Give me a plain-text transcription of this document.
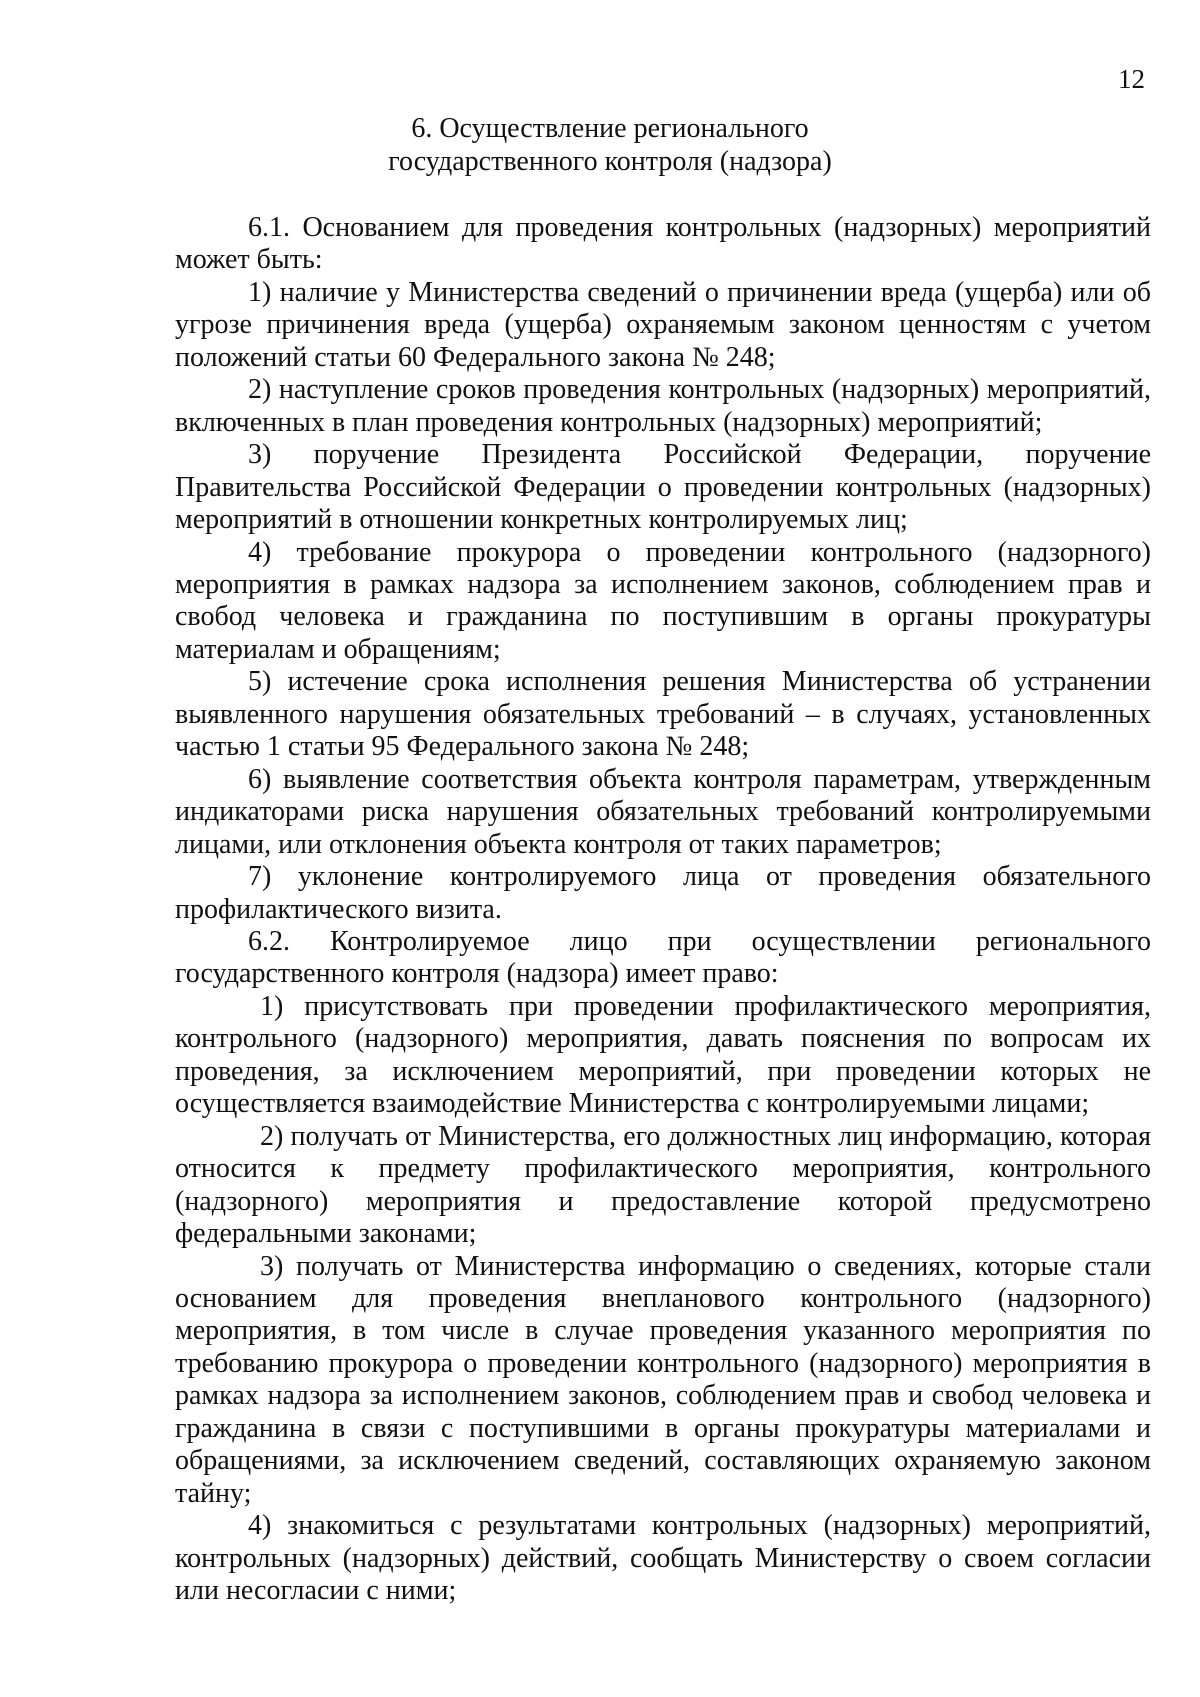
12
6. Осуществление регионального
государственного контроля (надзора)

6.1. Основанием для проведения контрольных (надзорных) мероприятий может быть:

1) наличие у Министерства сведений о причинении вреда (ущерба) или об угрозе причинения вреда (ущерба) охраняемым законом ценностям с учетом положений статьи 60 Федерального закона № 248;

2) наступление сроков проведения контрольных (надзорных) мероприятий, включенных в план проведения контрольных (надзорных) мероприятий;

3) поручение Президента Российской Федерации, поручение Правительства Российской Федерации о проведении контрольных (надзорных) мероприятий в отношении конкретных контролируемых лиц;

4) требование прокурора о проведении контрольного (надзорного) мероприятия в рамках надзора за исполнением законов, соблюдением прав и свобод человека и гражданина по поступившим в органы прокуратуры материалам и обращениям;

5) истечение срока исполнения решения Министерства об устранении выявленного нарушения обязательных требований – в случаях, установленных частью 1 статьи 95 Федерального закона № 248;

6) выявление соответствия объекта контроля параметрам, утвержденным индикаторами риска нарушения обязательных требований контролируемыми лицами, или отклонения объекта контроля от таких параметров;

7) уклонение контролируемого лица от проведения обязательного профилактического визита.

6.2. Контролируемое лицо при осуществлении регионального государственного контроля (надзора) имеет право:

1) присутствовать при проведении профилактического мероприятия, контрольного (надзорного) мероприятия, давать пояснения по вопросам их проведения, за исключением мероприятий, при проведении которых не осуществляется взаимодействие Министерства с контролируемыми лицами;

2) получать от Министерства, его должностных лиц информацию, которая относится к предмету профилактического мероприятия, контрольного (надзорного) мероприятия и предоставление которой предусмотрено федеральными законами;

3) получать от Министерства информацию о сведениях, которые стали основанием для проведения внепланового контрольного (надзорного) мероприятия, в том числе в случае проведения указанного мероприятия по требованию прокурора о проведении контрольного (надзорного) мероприятия в рамках надзора за исполнением законов, соблюдением прав и свобод человека и гражданина в связи с поступившими в органы прокуратуры материалами и обращениями, за исключением сведений, составляющих охраняемую законом тайну;

4) знакомиться с результатами контрольных (надзорных) мероприятий, контрольных (надзорных) действий, сообщать Министерству о своем согласии или несогласии с ними;
